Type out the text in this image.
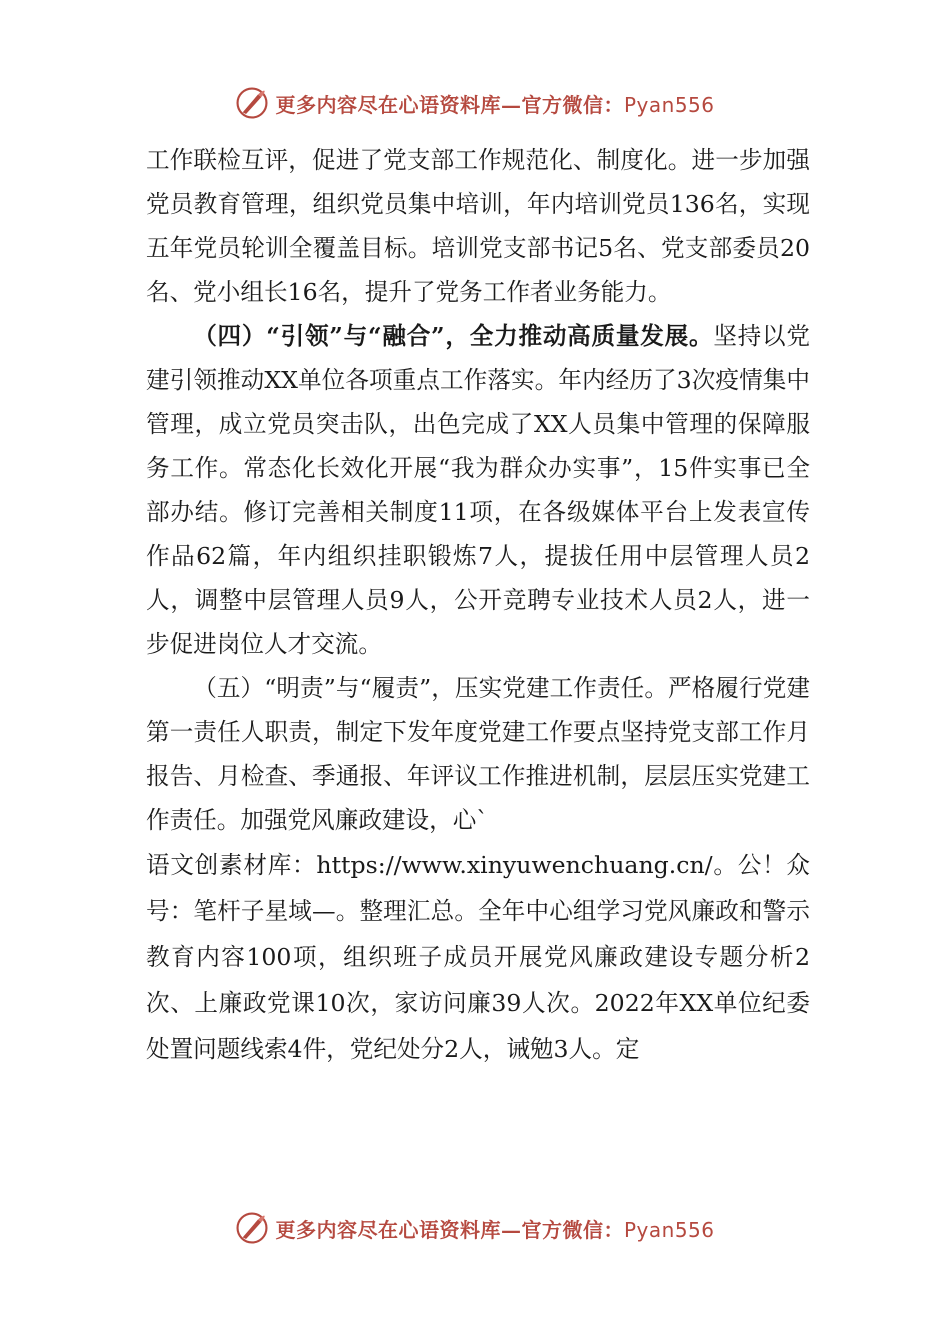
更多内容尽在心语资料库—官方微信：Pyan556

工作联检互评，促进了党支部工作规范化、制度化。进一步加强党员教育管理，组织党员集中培训，年内培训党员136名，实现五年党员轮训全覆盖目标。培训党支部书记5名、党支部委员20名、党小组长16名，提升了党务工作者业务能力。

（四）“引领”与“融合”，全力推动高质量发展。坚持以党建引领推动XX单位各项重点工作落实。年内经历了3次疫情集中管理，成立党员突击队，出色完成了XX人员集中管理的保障服务工作。常态化长效化开展“我为群众办实事”，15件实事已全部办结。修订完善相关制度11项，在各级媒体平台上发表宣传作品62篇，年内组织挂职锻炼7人，提拔任用中层管理人员2人，调整中层管理人员9人，公开竞聘专业技术人员2人，进一步促进岗位人才交流。

（五）“明责”与“履责”，压实党建工作责任。严格履行党建第一责任人职责，制定下发年度党建工作要点坚持党支部工作月报告、月检查、季通报、年评议工作推进机制，层层压实党建工作责任。加强党风廉政建设，心`

语文创素材库：https://www.xinyuwenchuang.cn/。公！众号：笔杆子星域—。整理汇总。全年中心组学习党风廉政和警示教育内容100项，组织班子成员开展党风廉政建设专题分析2次、上廉政党课10次，家访问廉39人次。2022年XX单位纪委处置问题线索4件，党纪处分2人，诫勉3人。定

更多内容尽在心语资料库—官方微信：Pyan556
